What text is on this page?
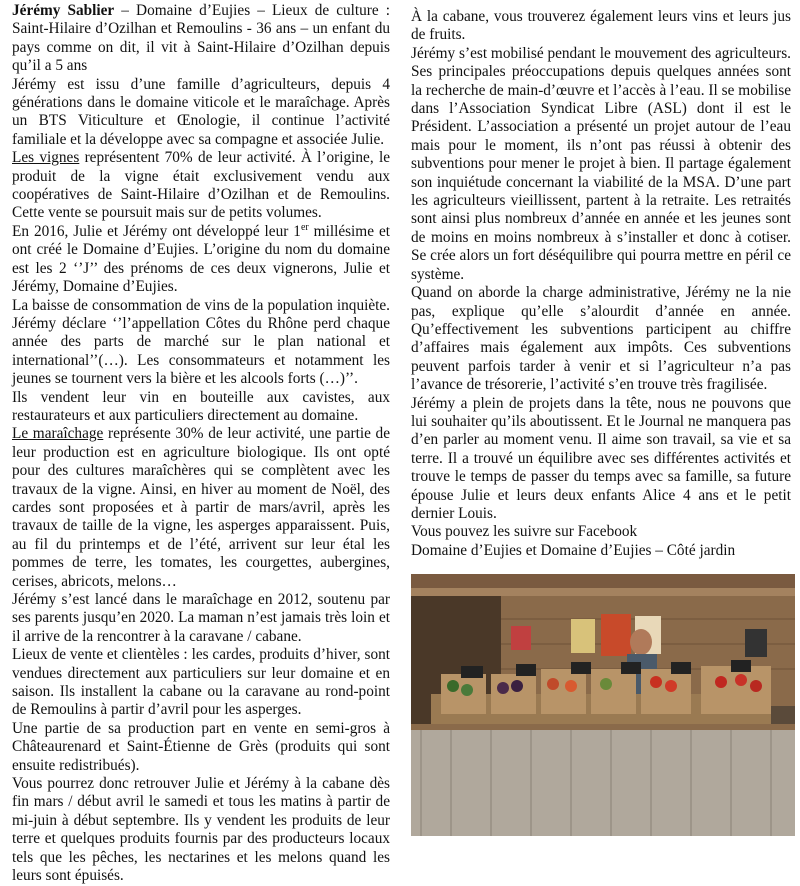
Jérémy Sablier – Domaine d’Eujies – Lieux de culture : Saint-Hilaire d’Ozilhan et Remoulins - 36 ans – un enfant du pays comme on dit, il vit à Saint-Hilaire d’Ozilhan depuis qu’il a 5 ans

Jérémy est issu d’une famille d’agriculteurs, depuis 4 générations dans le domaine viticole et le maraîchage. Après un BTS Viticulture et Œnologie, il continue l’activité familiale et la développe avec sa compagne et associée Julie.

Les vignes représentent 70% de leur activité. À l’origine, le produit de la vigne était exclusivement vendu aux coopératives de Saint-Hilaire d’Ozilhan et de Remoulins. Cette vente se poursuit mais sur de petits volumes.

En 2016, Julie et Jérémy ont développé leur 1er millésime et ont créé le Domaine d’Eujies. L’origine du nom du domaine est les 2 ‘’J’’ des prénoms de ces deux vignerons, Julie et Jérémy, Domaine d’Eujies.

La baisse de consommation de vins de la population inquiète. Jérémy déclare ‘’l’appellation Côtes du Rhône perd chaque année des parts de marché sur le plan national et international’’(…). Les consommateurs et notamment les jeunes se tournent vers la bière et les alcools forts (…)’’.

Ils vendent leur vin en bouteille aux cavistes, aux restaurateurs et aux particuliers directement au domaine.

Le maraîchage représente 30% de leur activité, une partie de leur production est en agriculture biologique. Ils ont opté pour des cultures maraîchères qui se complètent avec les travaux de la vigne. Ainsi, en hiver au moment de Noël, des cardes sont proposées et à partir de mars/avril, après les travaux de taille de la vigne, les asperges apparaissent. Puis, au fil du printemps et de l’été, arrivent sur leur étal les pommes de terre, les tomates, les courgettes, aubergines, cerises, abricots, melons…

Jérémy s’est lancé dans le maraîchage en 2012, soutenu par ses parents jusqu’en 2020. La maman n’est jamais très loin et il arrive de la rencontrer à la caravane / cabane.

Lieux de vente et clientèles : les cardes, produits d’hiver, sont vendues directement aux particuliers sur leur domaine et en saison. Ils installent la cabane ou la caravane au rond-point de Remoulins à partir d’avril pour les asperges.

Une partie de sa production part en vente en semi-gros à Châteaurenard et Saint-Étienne de Grès (produits qui sont ensuite redistribués).

Vous pourrez donc retrouver Julie et Jérémy à la cabane dès fin mars / début avril le samedi et tous les matins à partir de mi-juin à début septembre. Ils y vendent les produits de leur terre et quelques produits fournis par des producteurs locaux tels que les pêches, les nectarines et les melons quand les leurs sont épuisés.

À la cabane, vous trouverez également leurs vins et leurs jus de fruits.

Jérémy s’est mobilisé pendant le mouvement des agriculteurs. Ses principales préoccupations depuis quelques années sont la recherche de main-d’œuvre et l’accès à l’eau. Il se mobilise dans l’Association Syndicat Libre (ASL) dont il est le Président. L’association a présenté un projet autour de l’eau mais pour le moment, ils n’ont pas réussi à obtenir des subventions pour mener le projet à bien. Il partage également son inquiétude concernant la viabilité de la MSA. D’une part les agriculteurs vieillissent, partent à la retraite. Les retraités sont ainsi plus nombreux d’année en année et les jeunes sont de moins en moins nombreux à s’installer et donc à cotiser. Se crée alors un fort déséquilibre qui pourra mettre en péril ce système.

Quand on aborde la charge administrative, Jérémy ne la nie pas, explique qu’elle s’alourdit d’année en année. Qu’effectivement les subventions participent au chiffre d’affaires mais également aux impôts. Ces subventions peuvent parfois tarder à venir et si l’agriculteur n’a pas l’avance de trésorerie, l’activité s’en trouve très fragilisée.

Jérémy a plein de projets dans la tête, nous ne pouvons que lui souhaiter qu’ils aboutissent. Et le Journal ne manquera pas d’en parler au moment venu. Il aime son travail, sa vie et sa terre. Il a trouvé un équilibre avec ses différentes activités et trouve le temps de passer du temps avec sa famille, sa future épouse Julie et leurs deux enfants Alice 4 ans et le petit dernier Louis.

Vous pouvez les suivre sur Facebook

Domaine d’Eujies et Domaine d’Eujies – Côté jardin
